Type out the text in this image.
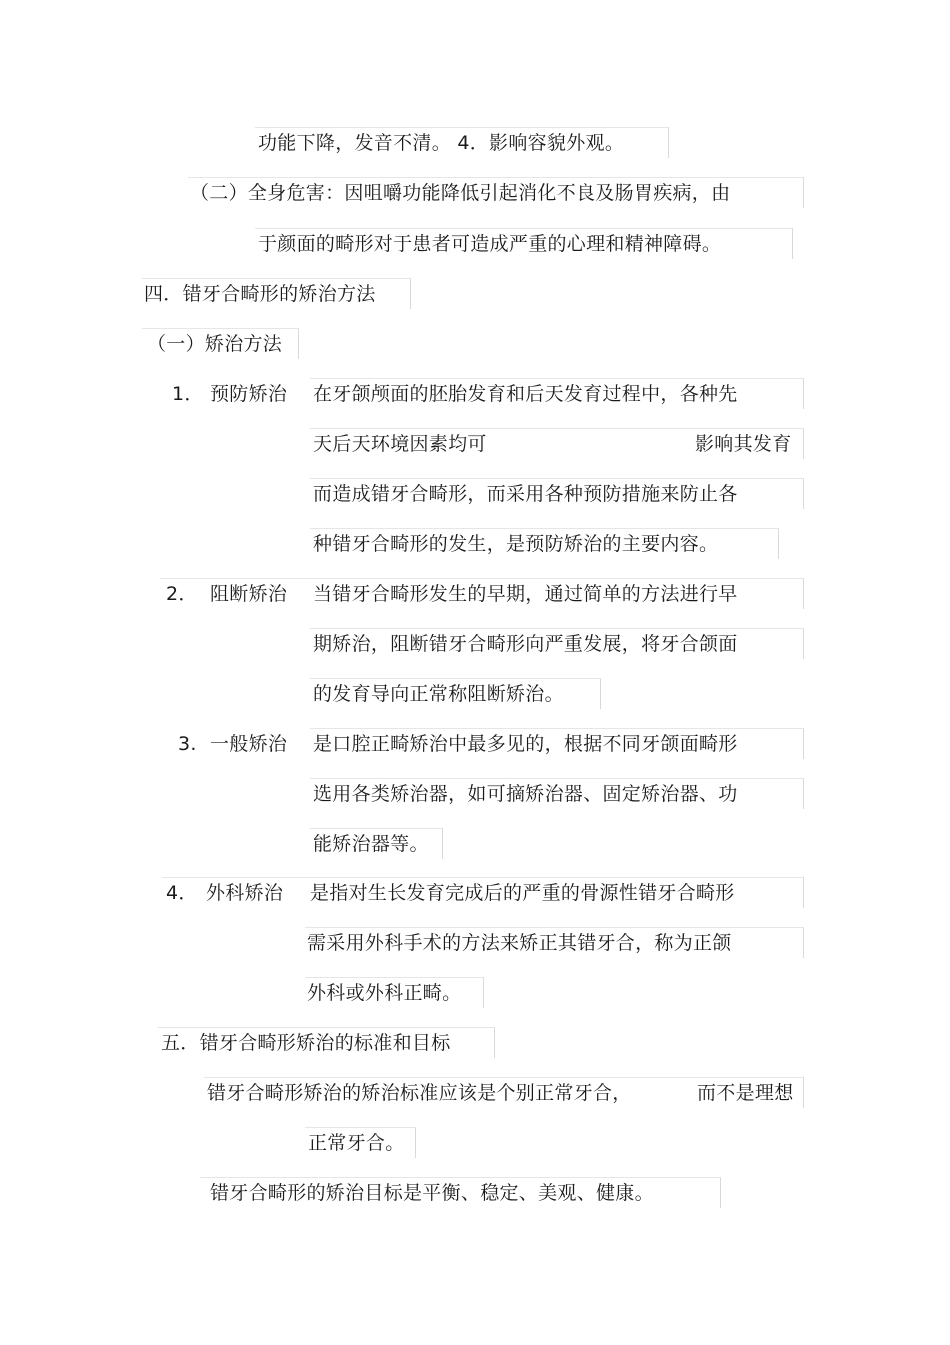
功能下降，发音不清。 4．影响容貌外观。
（二）全身危害：因咀嚼功能降低引起消化不良及肠胃疾病，由
于颜面的畸形对于患者可造成严重的心理和精神障碍。
四．错牙合畸形的矫治方法
（一）矫治方法
1． 预防矫治 在牙颌颅面的胚胎发育和后天发育过程中，各种先
天后天环境因素均可	影响其发育
而造成错牙合畸形，而采用各种预防措施来防止各
种错牙合畸形的发生，是预防矫治的主要内容。
2． 阻断矫治 当错牙合畸形发生的早期，通过简单的方法进行早
期矫治，阻断错牙合畸形向严重发展，将牙合颌面
的发育导向正常称阻断矫治。
3. 一般矫治 是口腔正畸矫治中最多见的，根据不同牙颌面畸形
选用各类矫治器，如可摘矫治器、固定矫治器、功
能矫治器等。
4． 外科矫治 是指对生长发育完成后的严重的骨源性错牙合畸形
需采用外科手术的方法来矫正其错牙合，称为正颌
外科或外科正畸。
五．错牙合畸形矫治的标准和目标
错牙合畸形矫治的矫治标准应该是个别正常牙合，	而不是理想
正常牙合。
错牙合畸形的矫治目标是平衡、稳定、美观、健康。
